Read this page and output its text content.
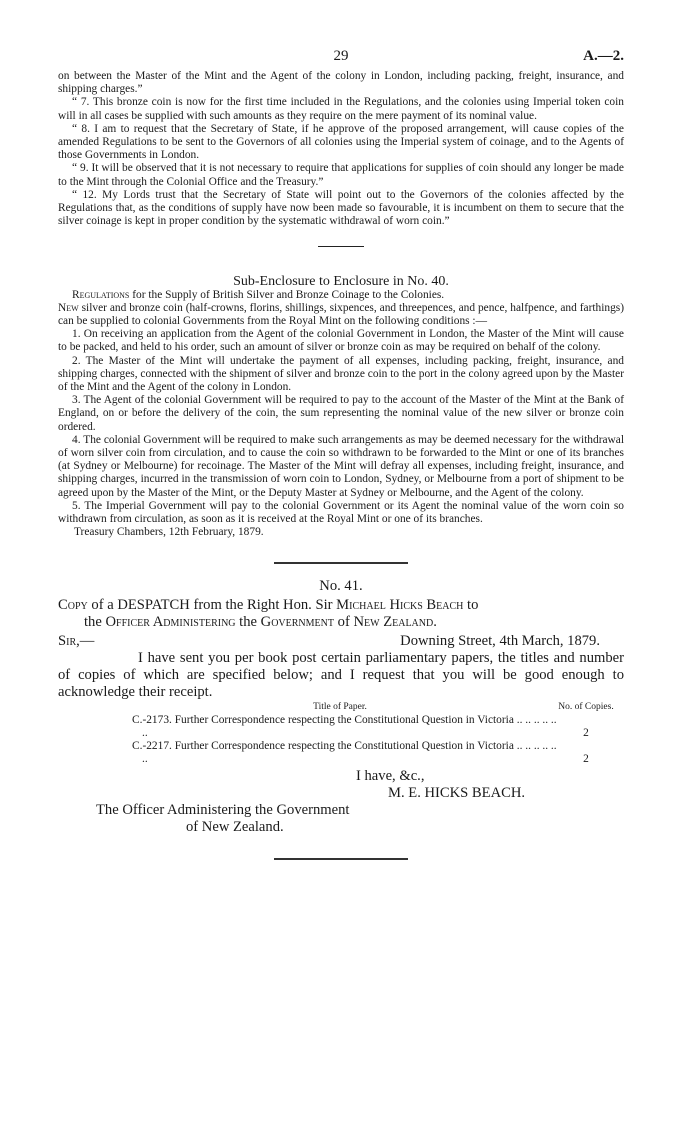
29	A.—2.

on between the Master of the Mint and the Agent of the colony in London, including packing, freight, insurance, and shipping charges.”

“ 7. This bronze coin is now for the first time included in the Regulations, and the colonies using Imperial token coin will in all cases be supplied with such amounts as they require on the mere payment of its nominal value.

“ 8. I am to request that the Secretary of State, if he approve of the proposed arrangement, will cause copies of the amended Regulations to be sent to the Governors of all colonies using the Imperial system of coinage, and to the Agents of those Governments in London.

“ 9. It will be observed that it is not necessary to require that applications for supplies of coin should any longer be made to the Mint through the Colonial Office and the Treasury.”

“ 12. My Lords trust that the Secretary of State will point out to the Governors of the colonies affected by the Regulations that, as the conditions of supply have now been made so favourable, it is incumbent on them to secure that the silver coinage is kept in proper condition by the systematic withdrawal of worn coin.”

Sub-Enclosure to Enclosure in No. 40.

Regulations for the Supply of British Silver and Bronze Coinage to the Colonies.

New silver and bronze coin (half-crowns, florins, shillings, sixpences, and threepences, and pence, halfpence, and farthings) can be supplied to colonial Governments from the Royal Mint on the following conditions :—

1. On receiving an application from the Agent of the colonial Government in London, the Master of the Mint will cause to be packed, and held to his order, such an amount of silver or bronze coin as may be required on behalf of the colony.

2. The Master of the Mint will undertake the payment of all expenses, including packing, freight, insurance, and shipping charges, connected with the shipment of silver and bronze coin to the port in the colony agreed upon by the Master of the Mint and the Agent of the colony in London.

3. The Agent of the colonial Government will be required to pay to the account of the Master of the Mint at the Bank of England, on or before the delivery of the coin, the sum representing the nominal value of the new silver or bronze coin ordered.

4. The colonial Government will be required to make such arrangements as may be deemed necessary for the withdrawal of worn silver coin from circulation, and to cause the coin so withdrawn to be forwarded to the Mint or one of its branches (at Sydney or Melbourne) for recoinage. The Master of the Mint will defray all expenses, including freight, insurance, and shipping charges, incurred in the transmission of worn coin to London, Sydney, or Melbourne from a port of shipment to be agreed upon by the Master of the Mint, or the Deputy Master at Sydney or Melbourne, and the Agent of the colony.

5. The Imperial Government will pay to the colonial Government or its Agent the nominal value of the worn coin so withdrawn from circulation, as soon as it is received at the Royal Mint or one of its branches.

Treasury Chambers, 12th February, 1879.

No. 41.

Copy of a DESPATCH from the Right Hon. Sir Michael Hicks Beach to
the Officer Administering the Government of New Zealand.

Sir,—	Downing Street, 4th March, 1879.

I have sent you per book post certain parliamentary papers, the titles and number of copies of which are specified below; and I request that you will be good enough to acknowledge their receipt.

Title of Paper.	No. of Copies.
C.-2173. Further Correspondence respecting the Constitutional Question in Victoria .. .. .. .. .. ..	2
C.-2217. Further Correspondence respecting the Constitutional Question in Victoria .. .. .. .. .. ..	2

I have, &c.,

M. E. HICKS BEACH.

The Officer Administering the Government

of New Zealand.
